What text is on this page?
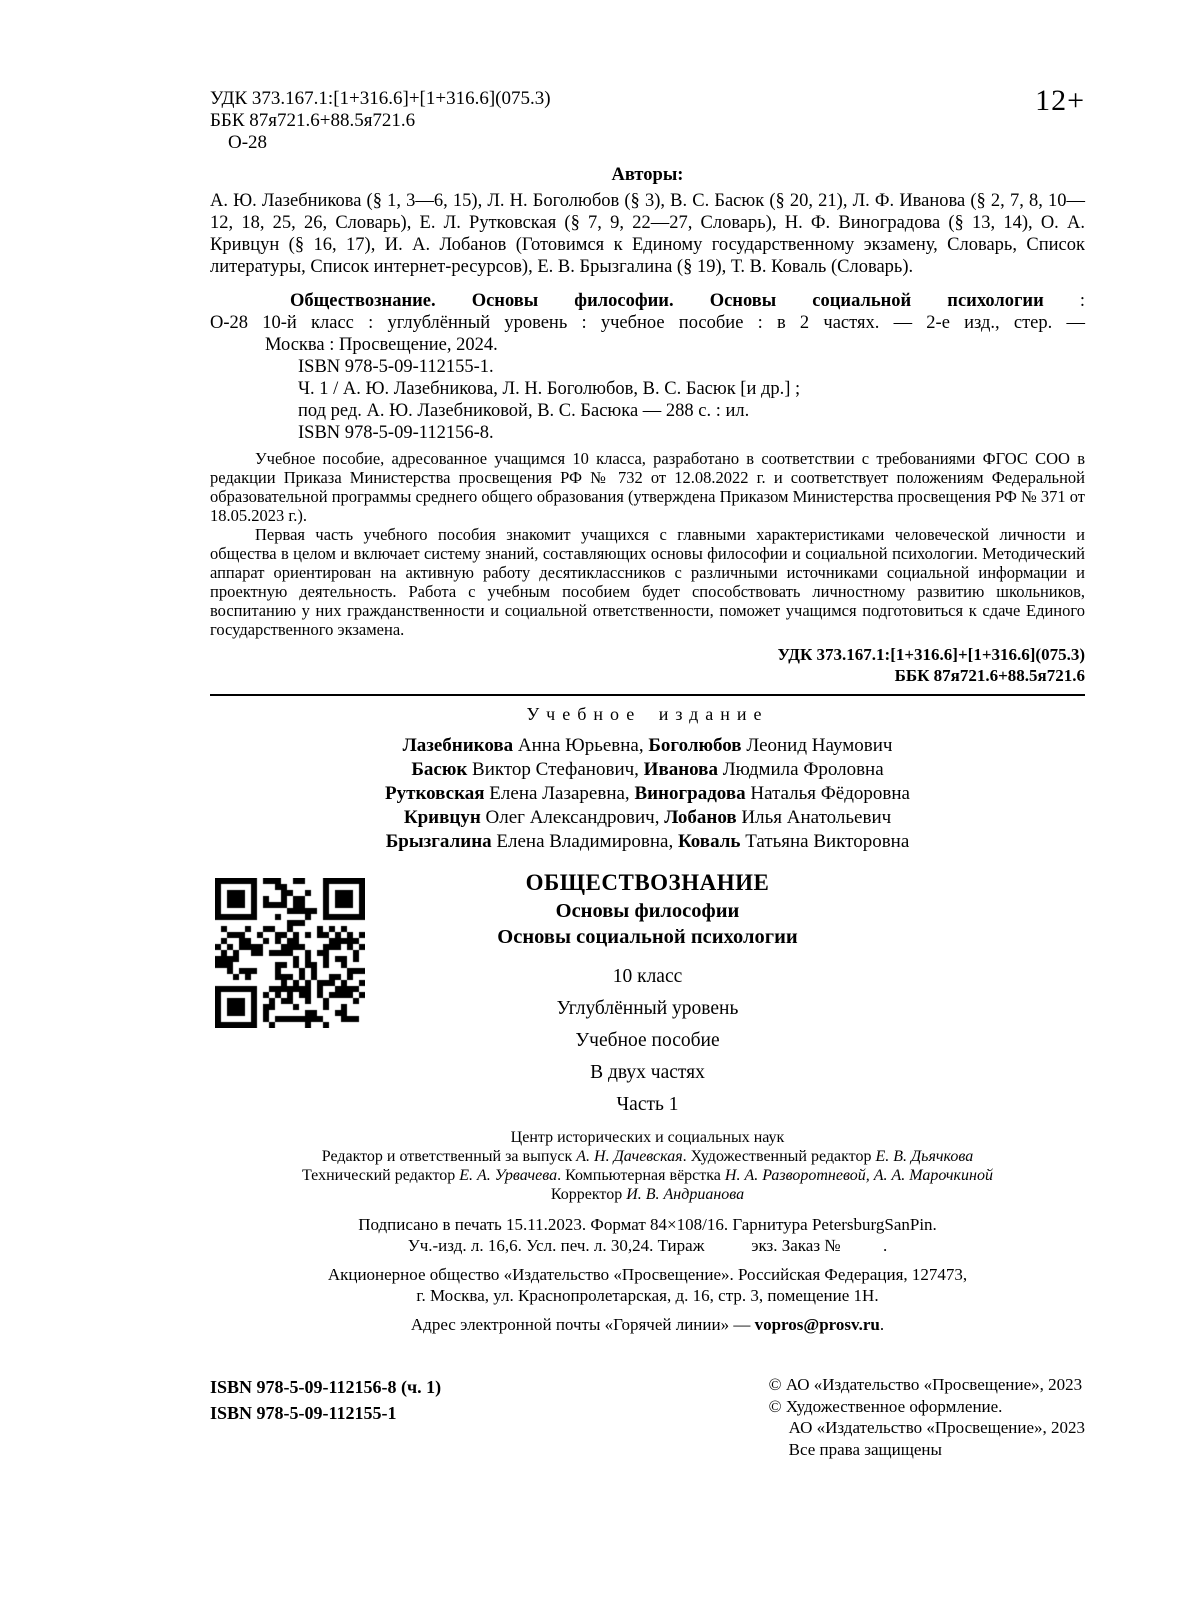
УДК 373.167.1:[1+316.6]+[1+316.6](075.3)
ББК 87я721.6+88.5я721.6
О-28
12+
Авторы:

А. Ю. Лазебникова (§ 1, 3—6, 15), Л. Н. Боголюбов (§ 3), В. С. Басюк (§ 20, 21), Л. Ф. Иванова (§ 2, 7, 8, 10—12, 18, 25, 26, Словарь), Е. Л. Рутковская (§ 7, 9, 22—27, Словарь), Н. Ф. Виноградова (§ 13, 14), О. А. Кривцун (§ 16, 17), И. А. Лобанов (Готовимся к Единому государственному экзамену, Словарь, Список литературы, Список интернет-ресурсов), Е. В. Брызгалина (§ 19), Т. В. Коваль (Словарь).

Обществознание. Основы философии. Основы социальной психологии :
О-28 10-й класс : углублённый уровень : учебное пособие : в 2 частях. — 2-е изд., стер. —
Москва : Просвещение, 2024.
ISBN 978-5-09-112155-1.
Ч. 1 / А. Ю. Лазебникова, Л. Н. Боголюбов, В. С. Басюк [и др.] ;
под ред. А. Ю. Лазебниковой, В. С. Басюка — 288 с. : ил.
ISBN 978-5-09-112156-8.

Учебное пособие, адресованное учащимся 10 класса, разработано в соответствии с требованиями ФГОС СОО в редакции Приказа Министерства просвещения РФ № 732 от 12.08.2022 г. и соответствует положениям Федеральной образовательной программы среднего общего образования (утверждена Приказом Министерства просвещения РФ № 371 от 18.05.2023 г.).

Первая часть учебного пособия знакомит учащихся с главными характеристиками человеческой личности и общества в целом и включает систему знаний, составляющих основы философии и социальной психологии. Методический аппарат ориентирован на активную работу десятиклассников с различными источниками социальной информации и проектную деятельность. Работа с учебным пособием будет способствовать личностному развитию школьников, воспитанию у них гражданственности и социальной ответственности, поможет учащимся подготовиться к сдаче Единого государственного экзамена.

УДК 373.167.1:[1+316.6]+[1+316.6](075.3)
ББК 87я721.6+88.5я721.6
Учебное издание
Лазебникова Анна Юрьевна, Боголюбов Леонид Наумович
Басюк Виктор Стефанович, Иванова Людмила Фроловна
Рутковская Елена Лазаревна, Виноградова Наталья Фёдоровна
Кривцун Олег Александрович, Лобанов Илья Анатольевич
Брызгалина Елена Владимировна, Коваль Татьяна Викторовна
ОБЩЕСТВОЗНАНИЕ
Основы философии
Основы социальной психологии
10 класс
Углублённый уровень
Учебное пособие
В двух частях
Часть 1
Центр исторических и социальных наук
Редактор и ответственный за выпуск А. Н. Дачевская. Художественный редактор Е. В. Дьячкова
Технический редактор Е. А. Урвачева. Компьютерная вёрстка Н. А. Разворотневой, А. А. Марочкиной
Корректор И. В. Андрианова
Подписано в печать 15.11.2023. Формат 84×108/16. Гарнитура PetersburgSanPin.
Уч.-изд. л. 16,6. Усл. печ. л. 30,24. Тираж           экз. Заказ №          .
Акционерное общество «Издательство «Просвещение». Российская Федерация, 127473,
г. Москва, ул. Краснопролетарская, д. 16, стр. 3, помещение 1Н.
Адрес электронной почты «Горячей линии» — vopros@prosv.ru.
ISBN 978-5-09-112156-8 (ч. 1)
ISBN 978-5-09-112155-1
© АО «Издательство «Просвещение», 2023
© Художественное оформление.
АО «Издательство «Просвещение», 2023
Все права защищены
